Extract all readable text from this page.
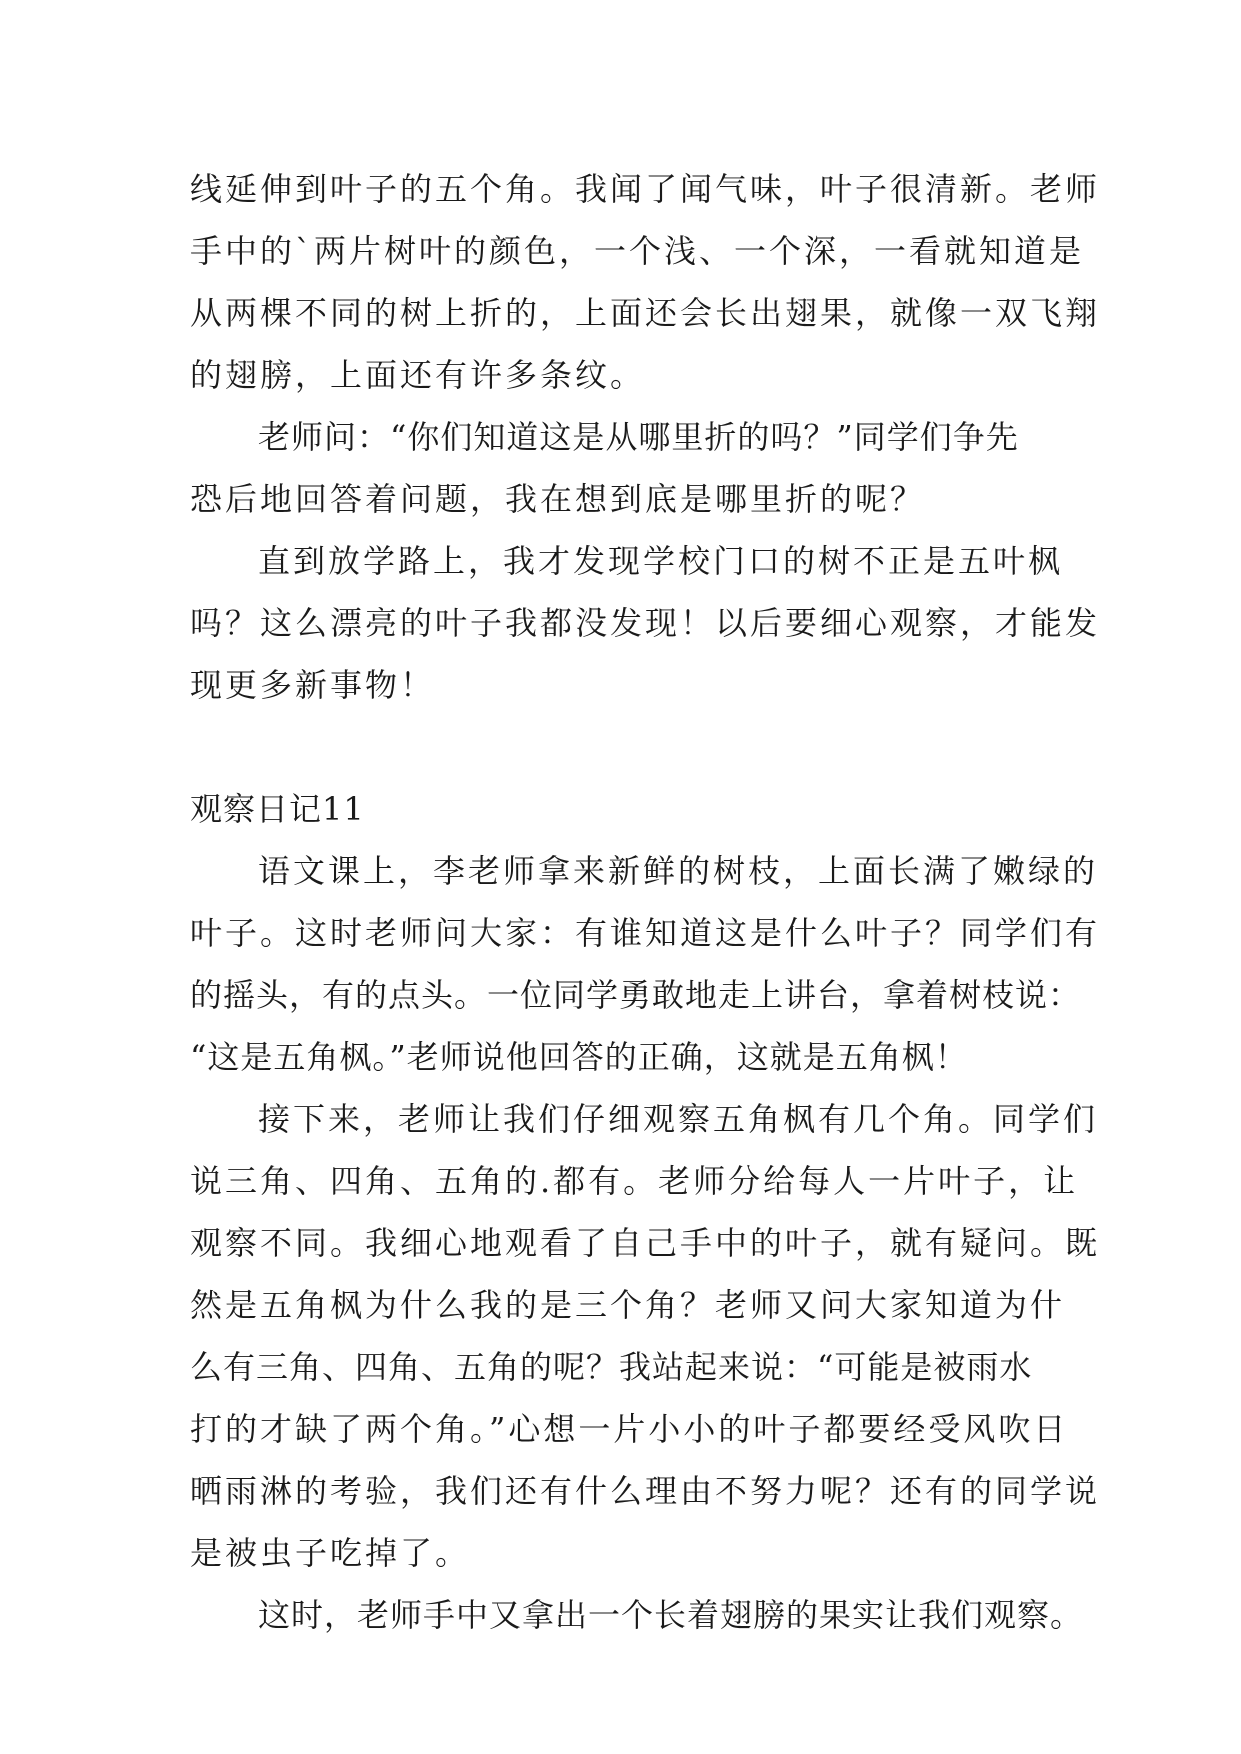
线延伸到叶子的五个角。我闻了闻气味，叶子很清新。老师
手中的`两片树叶的颜色，一个浅、一个深，一看就知道是
从两棵不同的树上折的，上面还会长出翅果，就像一双飞翔
的翅膀，上面还有许多条纹。
老师问：“你们知道这是从哪里折的吗？”同学们争先
恐后地回答着问题，我在想到底是哪里折的呢？
直到放学路上，我才发现学校门口的树不正是五叶枫
吗？这么漂亮的叶子我都没发现！以后要细心观察，才能发
现更多新事物！
观察日记11
语文课上，李老师拿来新鲜的树枝，上面长满了嫩绿的
叶子。这时老师问大家：有谁知道这是什么叶子？同学们有
的摇头，有的点头。一位同学勇敢地走上讲台，拿着树枝说：
“这是五角枫。”老师说他回答的正确，这就是五角枫！
接下来，老师让我们仔细观察五角枫有几个角。同学们
说三角、四角、五角的.都有。老师分给每人一片叶子，让
观察不同。我细心地观看了自己手中的叶子，就有疑问。既
然是五角枫为什么我的是三个角？老师又问大家知道为什
么有三角、四角、五角的呢？我站起来说：“可能是被雨水
打的才缺了两个角。”心想一片小小的叶子都要经受风吹日
晒雨淋的考验，我们还有什么理由不努力呢？还有的同学说
是被虫子吃掉了。
这时，老师手中又拿出一个长着翅膀的果实让我们观察。
